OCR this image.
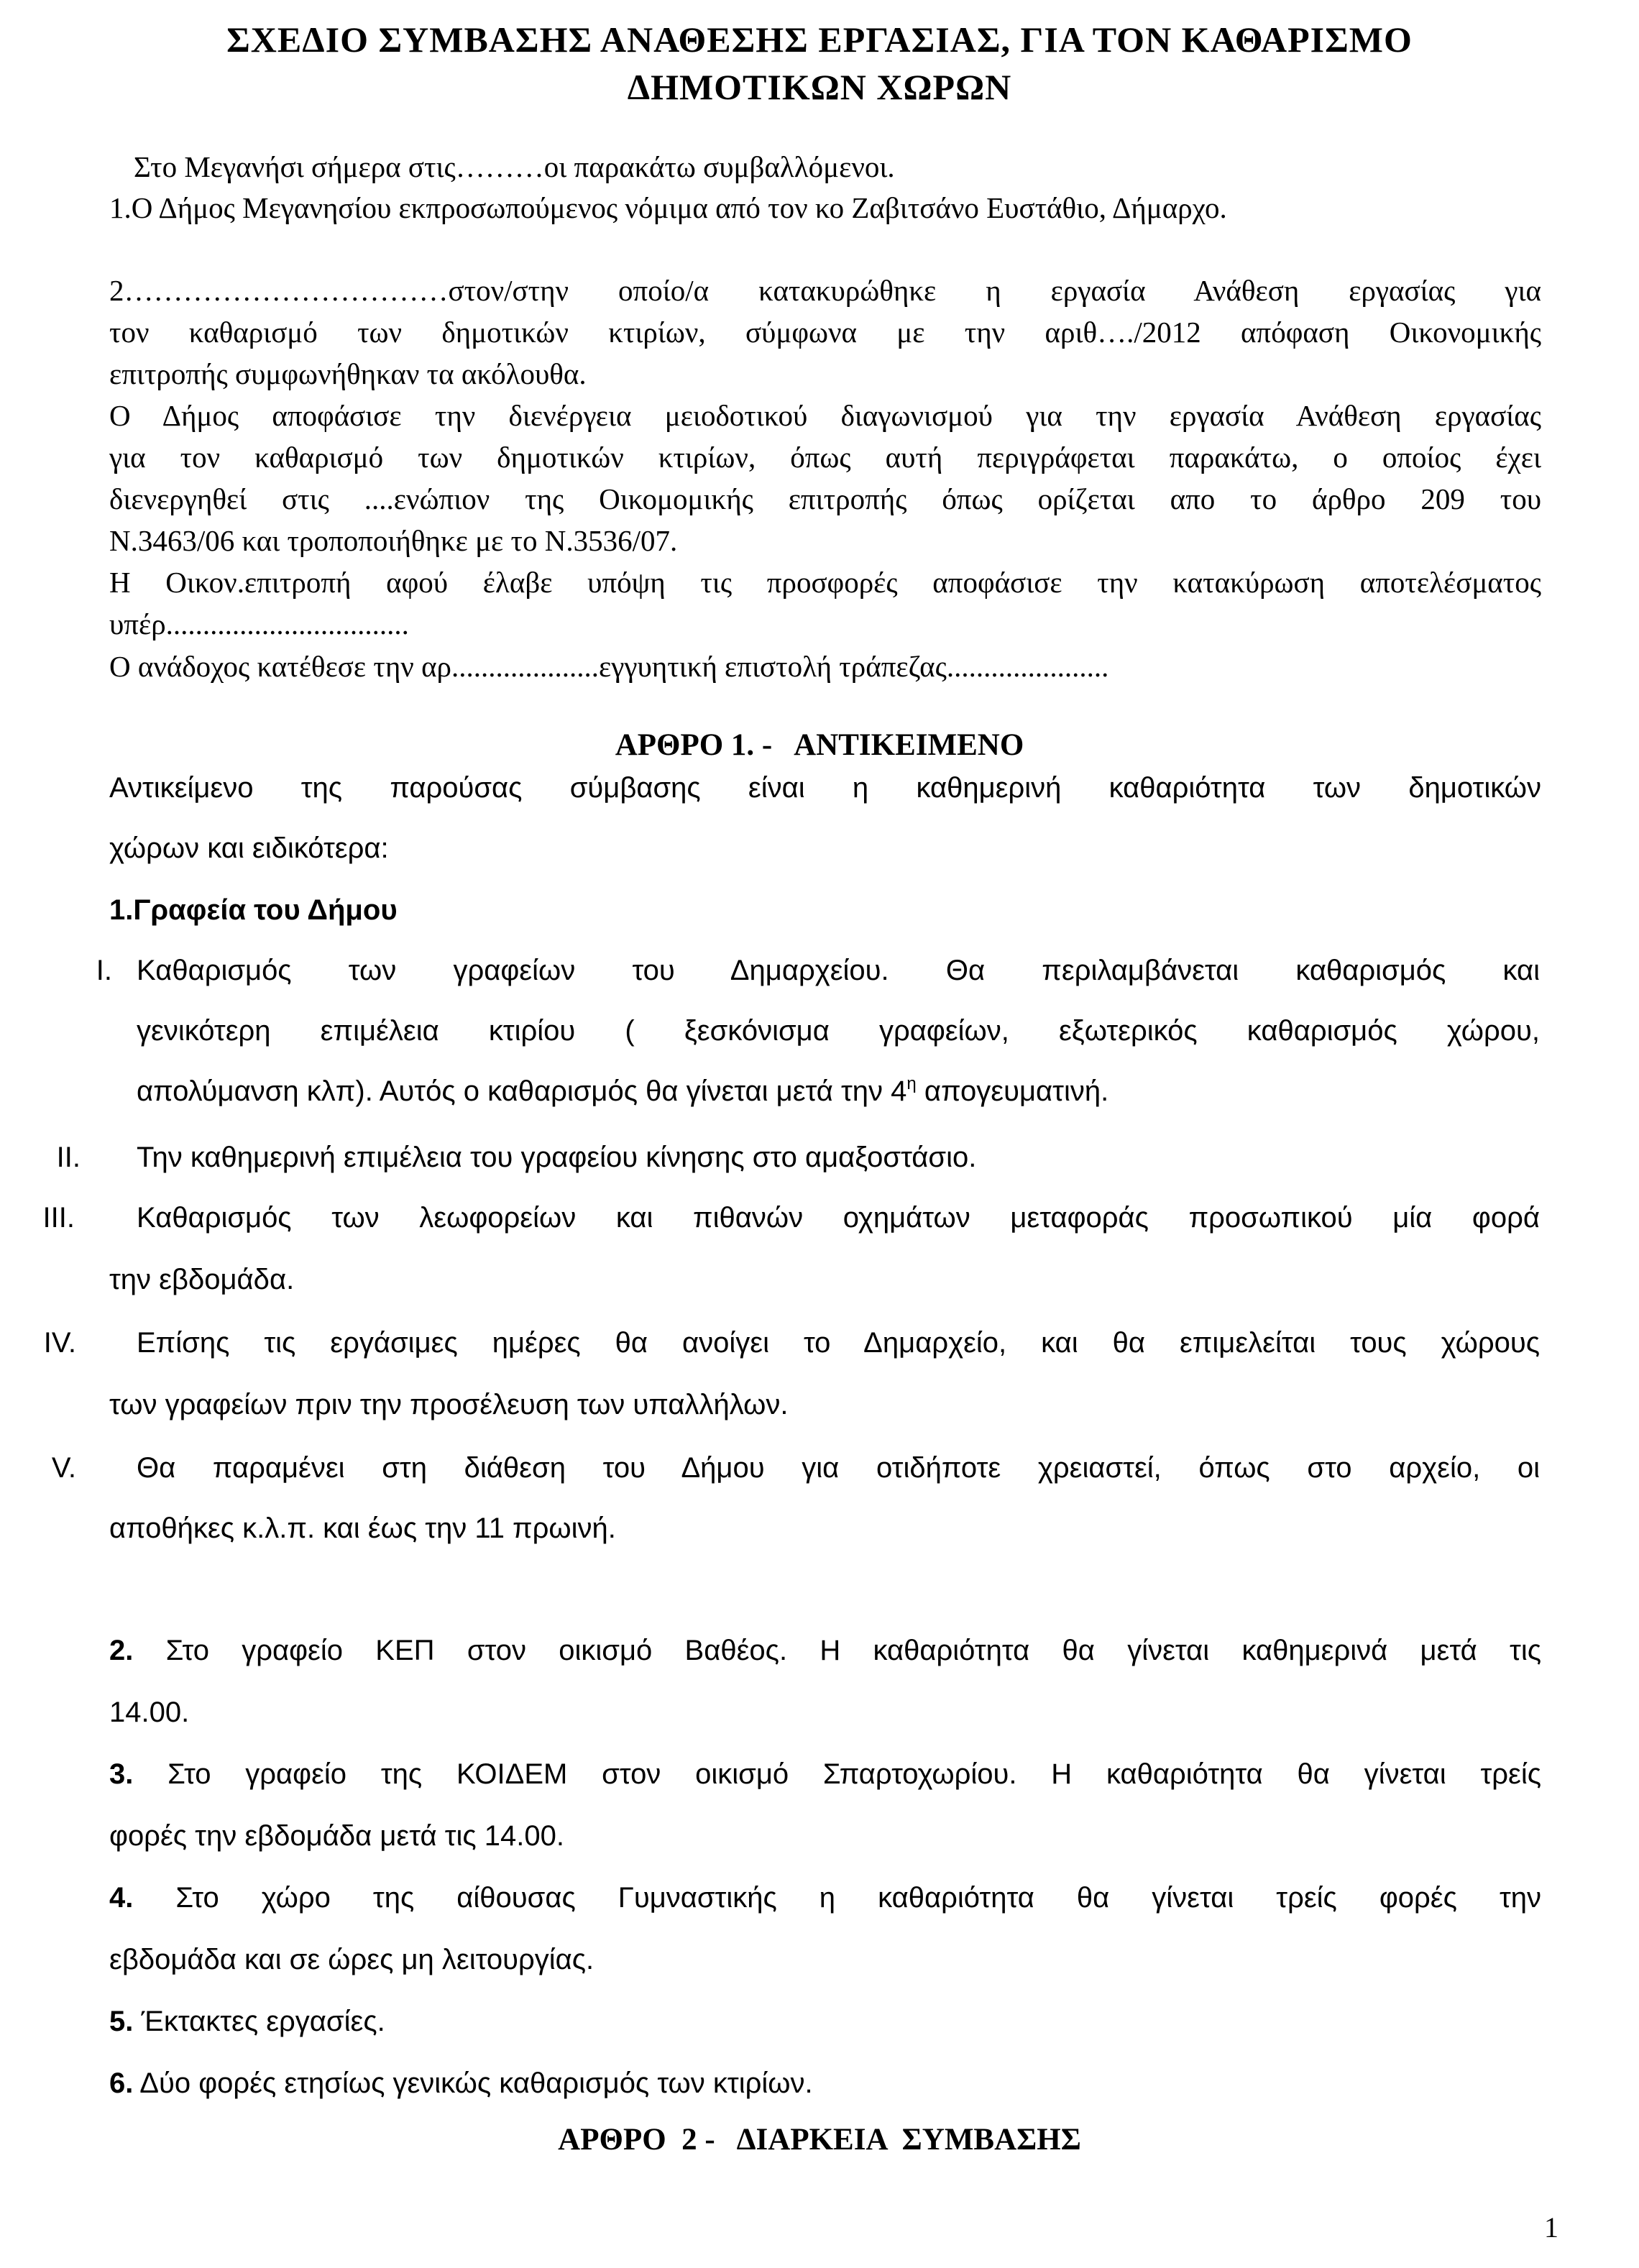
ΣΧΕΔΙΟ ΣΥΜΒΑΣΗΣ ΑΝΑΘΕΣΗΣ ΕΡΓΑΣΙΑΣ, ΓΙΑ ΤΟΝ ΚΑΘΑΡΙΣΜΟ
ΔΗΜΟΤΙΚΩΝ ΧΩΡΩΝ
Στο Μεγανήσι σήμερα στις………οι παρακάτω συμβαλλόμενοι.
1.Ο Δήμος Μεγανησίου εκπροσωπούμενος νόμιμα από τον κο Ζαβιτσάνο Ευστάθιο, Δήμαρχο.
2……………………………στον/στην οποίο/α κατακυρώθηκε η εργασία Ανάθεση εργασίας για
τον καθαρισμό των δημοτικών κτιρίων, σύμφωνα με την αριθ…./2012 απόφαση Οικονομικής
επιτροπής συμφωνήθηκαν τα ακόλουθα.
Ο Δήμος αποφάσισε την διενέργεια μειοδοτικού διαγωνισμού για την εργασία Ανάθεση εργασίας
για τον καθαρισμό των δημοτικών κτιρίων, όπως αυτή περιγράφεται παρακάτω, ο οποίος έχει
διενεργηθεί στις ....ενώπιον της Οικομομικής επιτροπής όπως ορίζεται απο το άρθρο 209 του
Ν.3463/06 και τροποποιήθηκε με το Ν.3536/07.
Η Οικον.επιτροπή αφού έλαβε υπόψη τις προσφορές αποφάσισε την κατακύρωση αποτελέσματος
υπέρ.................................
Ο ανάδοχος κατέθεσε την αρ....................εγγυητική επιστολή τράπεζας......................
ΑΡΘΡΟ 1. -   ΑΝΤΙΚΕΙΜΕΝΟ
Αντικείμενο της παρούσας σύμβασης είναι η καθημερινή καθαριότητα των δημοτικών
χώρων και ειδικότερα:
1.Γραφεία του Δήμου
I. Καθαρισμός των γραφείων του Δημαρχείου. Θα περιλαμβάνεται καθαρισμός και
γενικότερη επιμέλεια κτιρίου ( ξεσκόνισμα γραφείων, εξωτερικός καθαρισμός χώρου,
απολύμανση κλπ). Αυτός ο καθαρισμός θα γίνεται μετά την $4^\eta$ απογευματινή.
II. Την καθημερινή επιμέλεια του γραφείου κίνησης στο αμαξοστάσιο.
III. Καθαρισμός των λεωφορείων και πιθανών οχημάτων μεταφοράς προσωπικού μία φορά
την εβδομάδα.
IV. Επίσης τις εργάσιμες ημέρες θα ανοίγει το Δημαρχείο, και θα επιμελείται τους χώρους
των γραφείων πριν την προσέλευση των υπαλλήλων.
V. Θα παραμένει στη διάθεση του Δήμου για οτιδήποτε χρειαστεί, όπως στο αρχείο, οι
αποθήκες κ.λ.π. και έως την 11 πρωινή.
2. Στο γραφείο ΚΕΠ στον οικισμό Βαθέος. Η καθαριότητα θα γίνεται καθημερινά μετά τις
14.00.
3. Στο γραφείο της ΚΟΙΔΕΜ στον οικισμό Σπαρτοχωρίου. Η καθαριότητα θα γίνεται τρείς
φορές την εβδομάδα μετά τις 14.00.
4. Στο χώρο της αίθουσας Γυμναστικής η καθαριότητα θα γίνεται τρείς φορές την
εβδομάδα και σε ώρες μη λειτουργίας.
5. Έκτακτες εργασίες.
6. Δύο φορές ετησίως γενικώς καθαρισμός των κτιρίων.
ΑΡΘΡΟ  2 -   ΔΙΑΡΚΕΙΑ  ΣΥΜΒΑΣΗΣ
1
